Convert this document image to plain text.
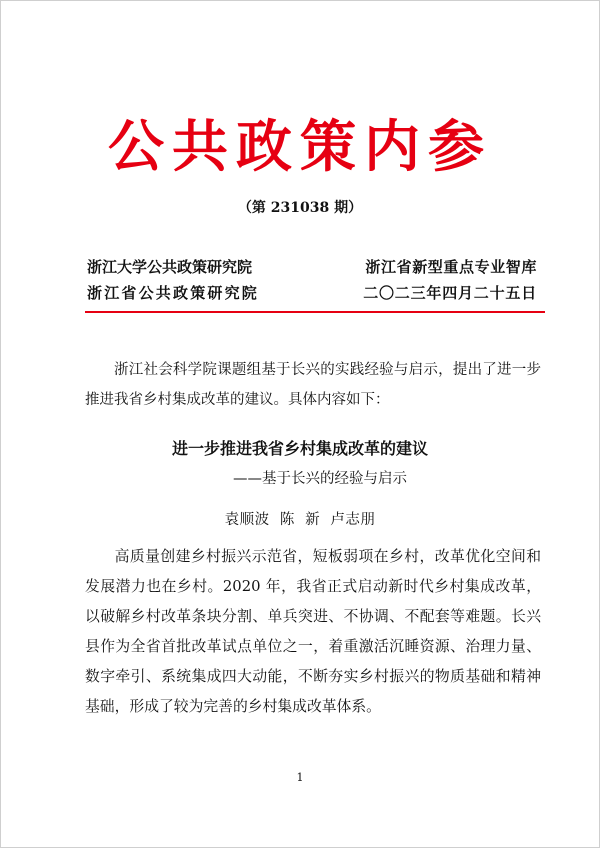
公共政策内参
（第 231038 期）
浙江大学公共政策研究院	浙江省新型重点专业智库
浙江省公共政策研究院	二〇二三年四月二十五日

浙江社会科学院课题组基于长兴的实践经验与启示，提出了进一步推进我省乡村集成改革的建议。具体内容如下：

进一步推进我省乡村集成改革的建议
——基于长兴的经验与启示
袁顺波  陈  新  卢志朋

高质量创建乡村振兴示范省，短板弱项在乡村，改革优化空间和发展潜力也在乡村。2020 年，我省正式启动新时代乡村集成改革，以破解乡村改革条块分割、单兵突进、不协调、不配套等难题。长兴县作为全省首批改革试点单位之一，着重激活沉睡资源、治理力量、数字牵引、系统集成四大动能，不断夯实乡村振兴的物质基础和精神基础，形成了较为完善的乡村集成改革体系。

1
